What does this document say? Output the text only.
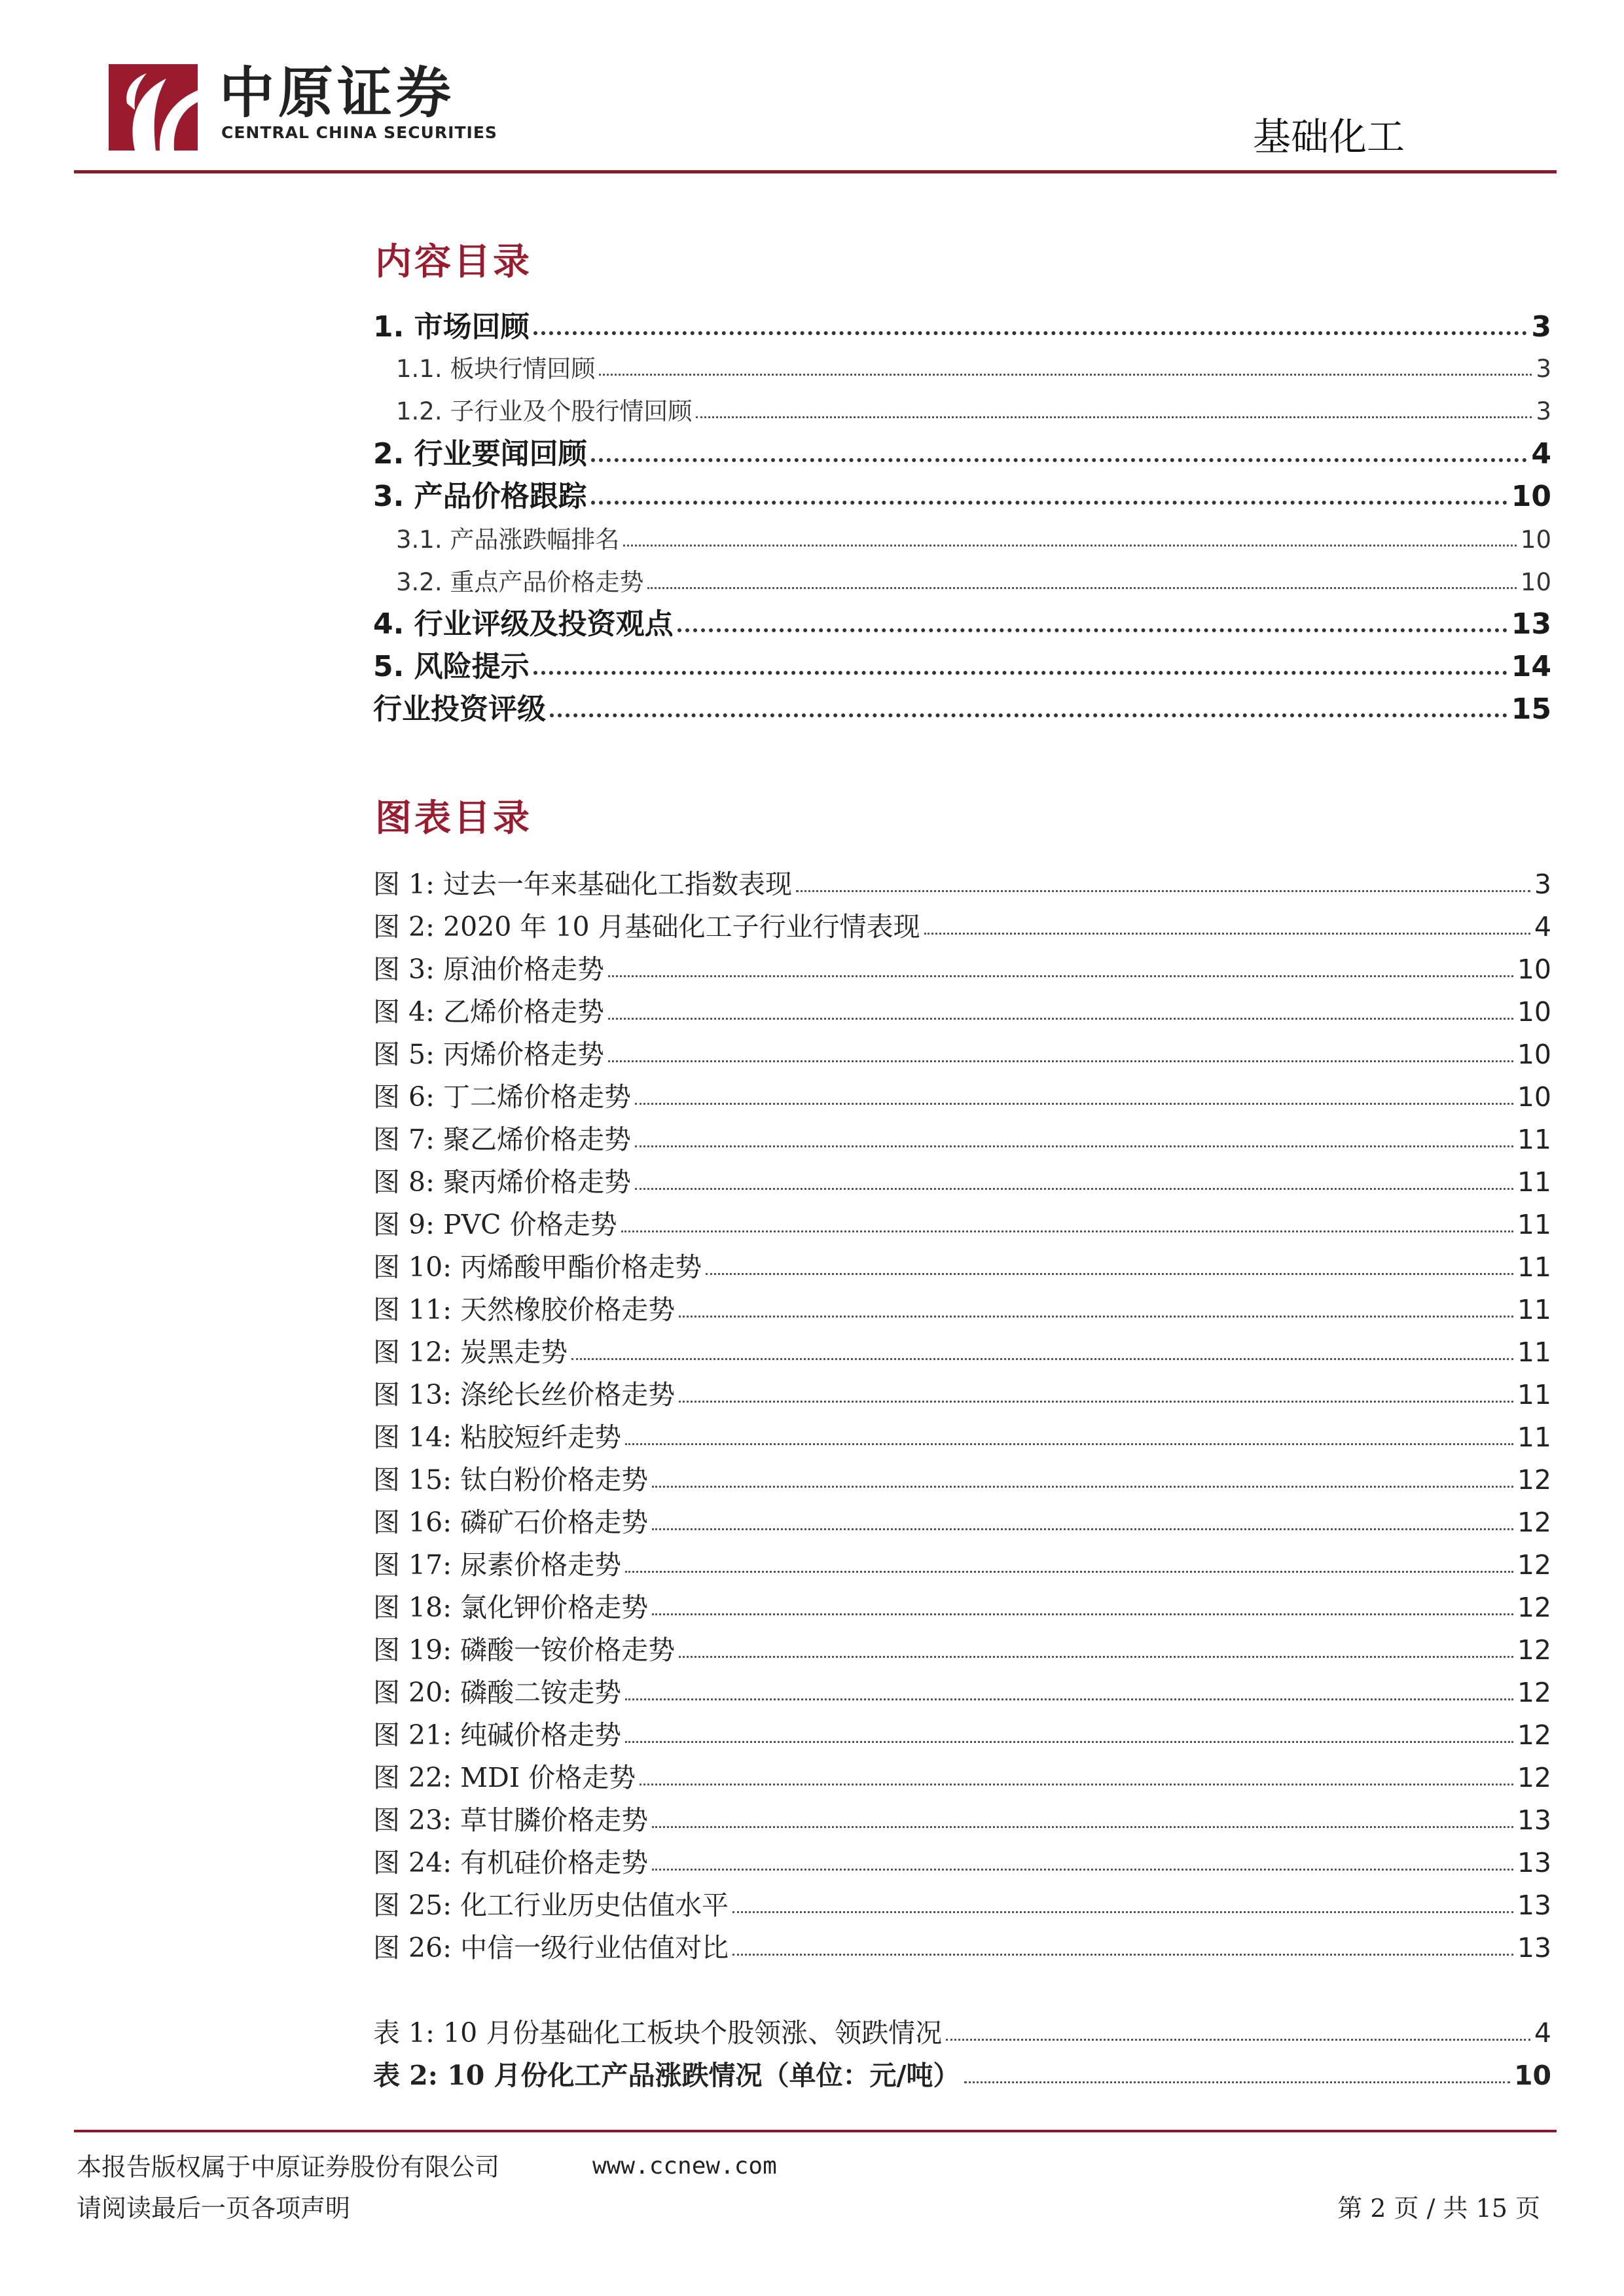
中原证券
CENTRAL CHINA SECURITIES	基础化工
内容目录
1. 市场回顾	3
1.1. 板块行情回顾	3
1.2. 子行业及个股行情回顾	3
2. 行业要闻回顾	4
3. 产品价格跟踪	10
3.1. 产品涨跌幅排名	10
3.2. 重点产品价格走势	10
4. 行业评级及投资观点	13
5. 风险提示	14
行业投资评级	15
图表目录
图 1: 过去一年来基础化工指数表现	3
图 2: 2020 年 10 月基础化工子行业行情表现	4
图 3: 原油价格走势	10
图 4: 乙烯价格走势	10
图 5: 丙烯价格走势	10
图 6: 丁二烯价格走势	10
图 7: 聚乙烯价格走势	11
图 8: 聚丙烯价格走势	11
图 9: PVC 价格走势	11
图 10: 丙烯酸甲酯价格走势	11
图 11: 天然橡胶价格走势	11
图 12: 炭黑走势	11
图 13: 涤纶长丝价格走势	11
图 14: 粘胶短纤走势	11
图 15: 钛白粉价格走势	12
图 16: 磷矿石价格走势	12
图 17: 尿素价格走势	12
图 18: 氯化钾价格走势	12
图 19: 磷酸一铵价格走势	12
图 20: 磷酸二铵走势	12
图 21: 纯碱价格走势	12
图 22: MDI 价格走势	12
图 23: 草甘膦价格走势	13
图 24: 有机硅价格走势	13
图 25: 化工行业历史估值水平	13
图 26: 中信一级行业估值对比	13
表 1: 10 月份基础化工板块个股领涨、领跌情况	4
表 2: 10 月份化工产品涨跌情况（单位：元/吨）	10
本报告版权属于中原证券股份有限公司	www.ccnew.com
请阅读最后一页各项声明	第 2 页 / 共 15 页
